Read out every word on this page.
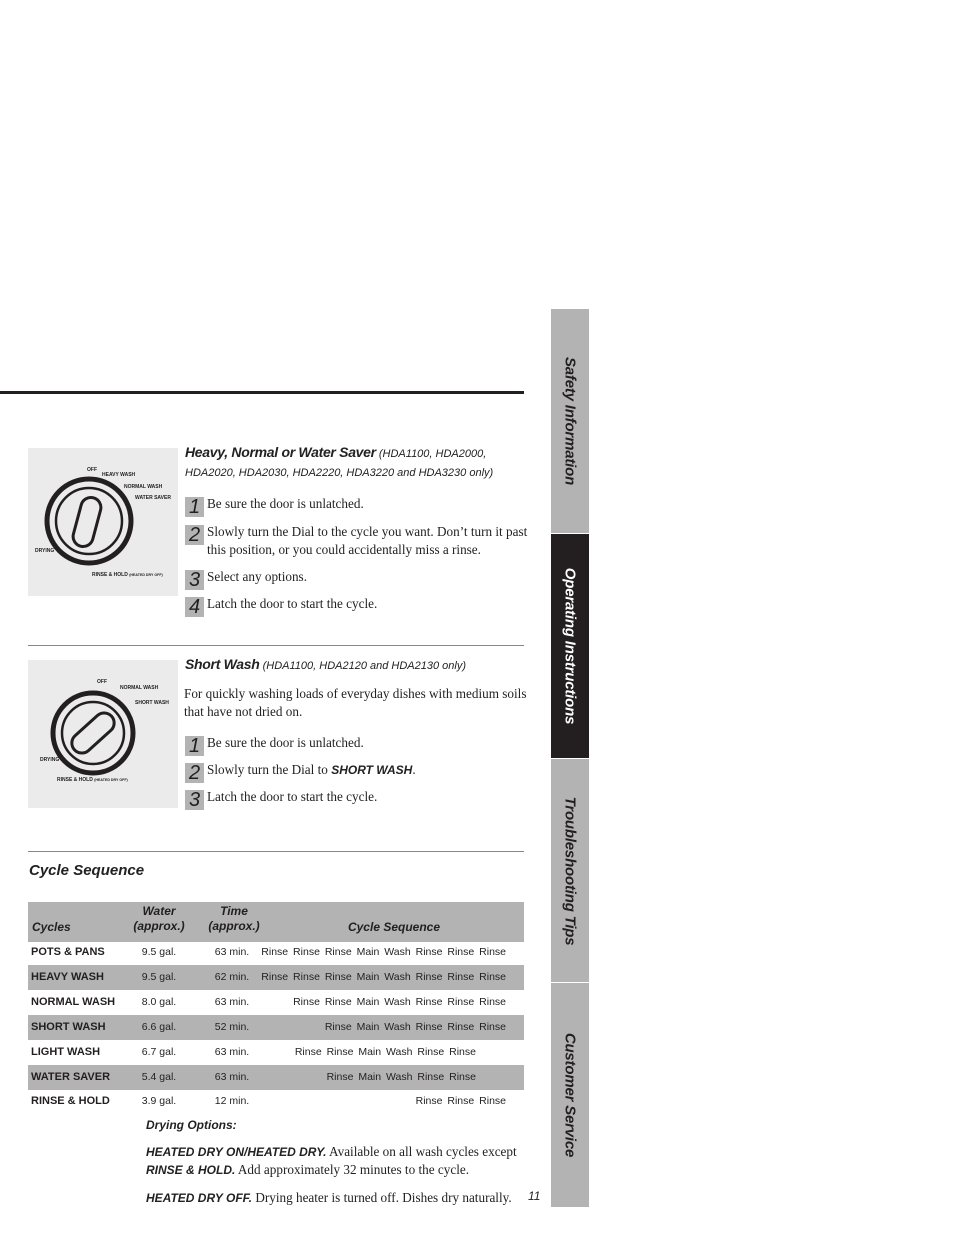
Safety Information
Operating Instructions
Troubleshooting Tips
Customer Service
OFF
HEAVY WASH
NORMAL WASH
WATER SAVER
DRYING
RINSE & HOLD (HEATED DRY OFF)
Heavy, Normal or Water Saver (HDA1100, HDA2000,
HDA2020, HDA2030, HDA2220, HDA3220 and HDA3230 only)
1 Be sure the door is unlatched.
2 Slowly turn the Dial to the cycle you want. Don’t turn it past this position, or you could accidentally miss a rinse.
3 Select any options.
4 Latch the door to start the cycle.
OFF
NORMAL WASH
SHORT WASH
DRYING
RINSE & HOLD (HEATED DRY OFF)
Short Wash (HDA1100, HDA2120 and HDA2130 only)
For quickly washing loads of everyday dishes with medium soils that have not dried on.
1 Be sure the door is unlatched.
2 Slowly turn the Dial to SHORT WASH.
3 Latch the door to start the cycle.
Cycle Sequence
Cycles
Water
(approx.)
Time
(approx.)	Cycle Sequence
POTS & PANS	9.5 gal.	63 min.	Rinse Rinse Rinse Main Wash Rinse Rinse Rinse
HEAVY WASH	9.5 gal.	62 min.	Rinse Rinse Rinse Main Wash Rinse Rinse Rinse
NORMAL WASH	8.0 gal.	63 min.	Rinse Rinse Main Wash Rinse Rinse Rinse
SHORT WASH	6.6 gal.	52 min.	Rinse Main Wash Rinse Rinse Rinse
LIGHT WASH	6.7 gal.	63 min.	Rinse Rinse Main Wash Rinse Rinse
WATER SAVER	5.4 gal.	63 min.	Rinse Main Wash Rinse Rinse
RINSE & HOLD	3.9 gal.	12 min.	Rinse Rinse Rinse
Drying Options:
HEATED DRY ON/HEATED DRY. Available on all wash cycles except RINSE & HOLD. Add approximately 32 minutes to the cycle.
HEATED DRY OFF. Drying heater is turned off. Dishes dry naturally.	11
